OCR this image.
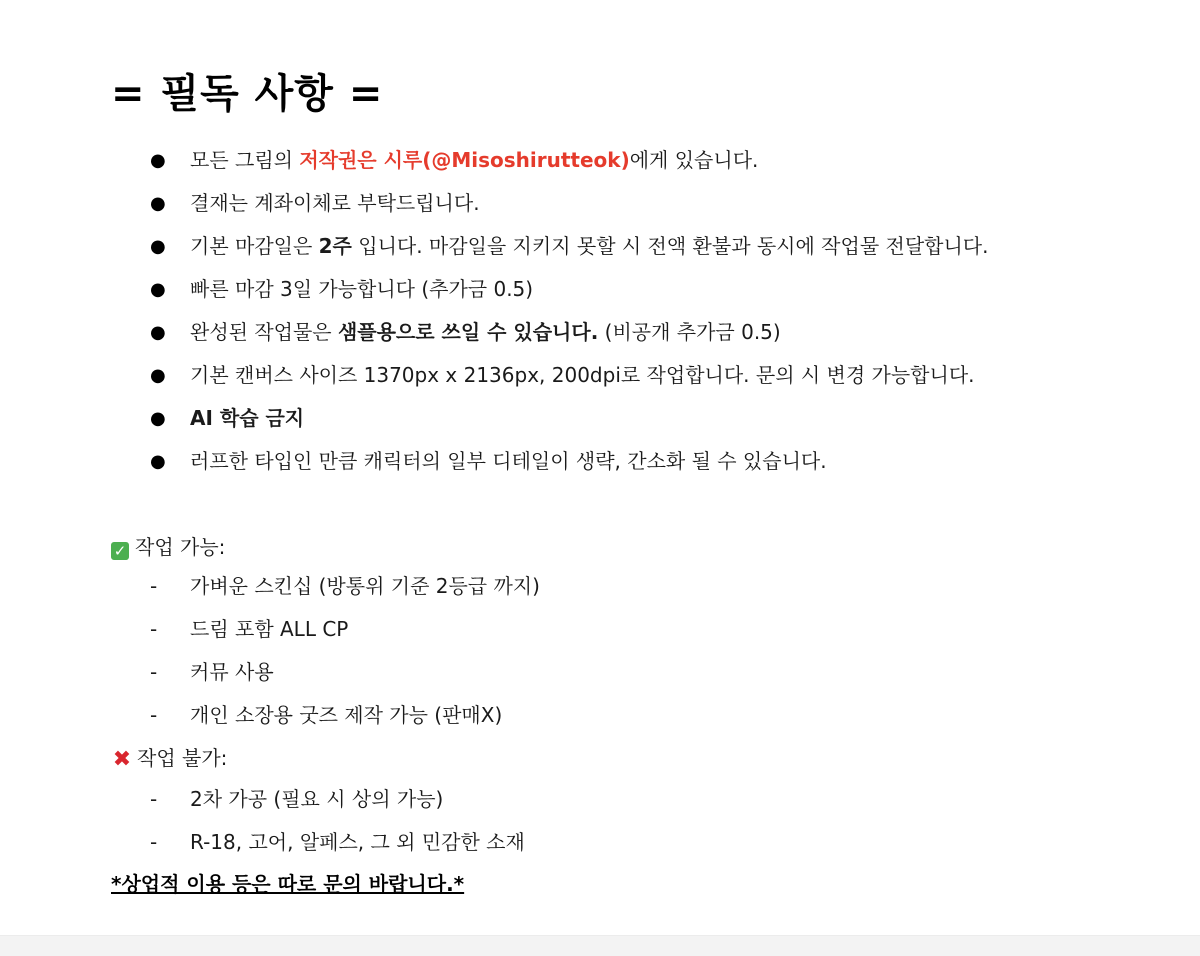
= 필독 사항 =
● 모든 그림의 저작권은 시루(@Misoshirutteok)에게 있습니다.
● 결재는 계좌이체로 부탁드립니다.
● 기본 마감일은 2주 입니다. 마감일을 지키지 못할 시 전액 환불과 동시에 작업물 전달합니다.
● 빠른 마감 3일 가능합니다 (추가금 0.5)
● 완성된 작업물은 샘플용으로 쓰일 수 있습니다. (비공개 추가금 0.5)
● 기본 캔버스 사이즈 1370px x 2136px, 200dpi로 작업합니다. 문의 시 변경 가능합니다.
● AI 학습 금지
● 러프한 타입인 만큼 캐릭터의 일부 디테일이 생략, 간소화 될 수 있습니다.
✓ 작업 가능:
- 가벼운 스킨십 (방통위 기준 2등급 까지)
- 드림 포함 ALL CP
- 커뮤 사용
- 개인 소장용 굿즈 제작 가능 (판매X)
✖ 작업 불가:
- 2차 가공 (필요 시 상의 가능)
- R-18, 고어, 알페스, 그 외 민감한 소재
*상업적 이용 등은 따로 문의 바랍니다.*
